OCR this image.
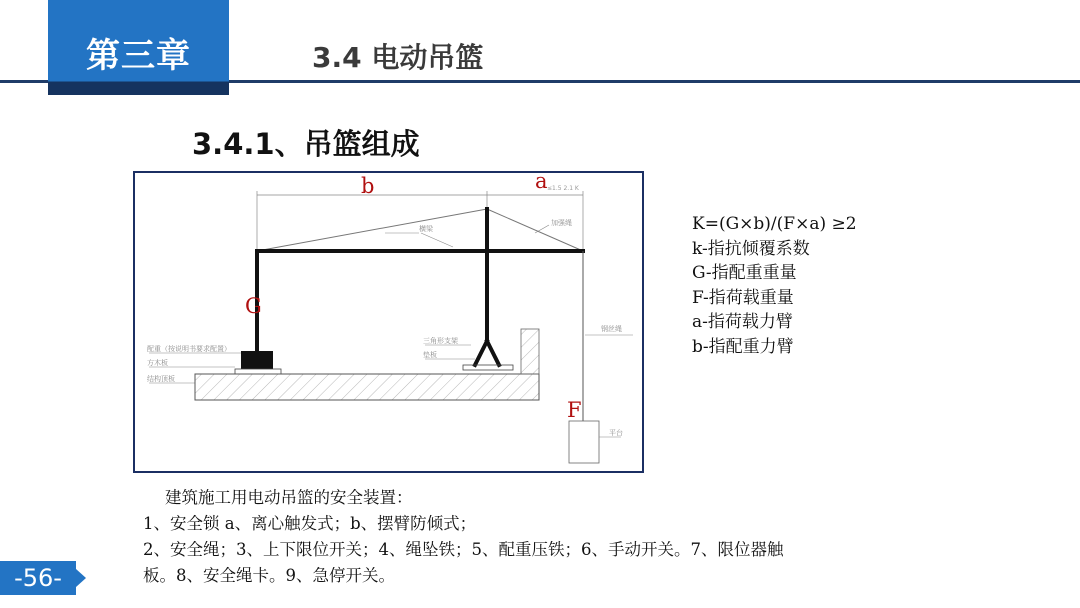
第三章	3.4 电动吊篮
3.4.1、吊篮组成
≤1.5 2.1 K
横梁
加强绳
配重（按说明书要求配置）
方木板
结构顶板
三角形支架
垫板
钢丝绳
平台
b	a
G
F
K=(G×b)/(F×a) ≥2
k-指抗倾覆系数
G-指配重重量
F-指荷载重量
a-指荷载力臂
b-指配重力臂
建筑施工用电动吊篮的安全装置：
1、安全锁 a、离心触发式；b、摆臂防倾式；
2、安全绳；3、上下限位开关；4、绳坠铁；5、配重压铁；6、手动开关。7、限位器触
板。8、安全绳卡。9、急停开关。
-56-
